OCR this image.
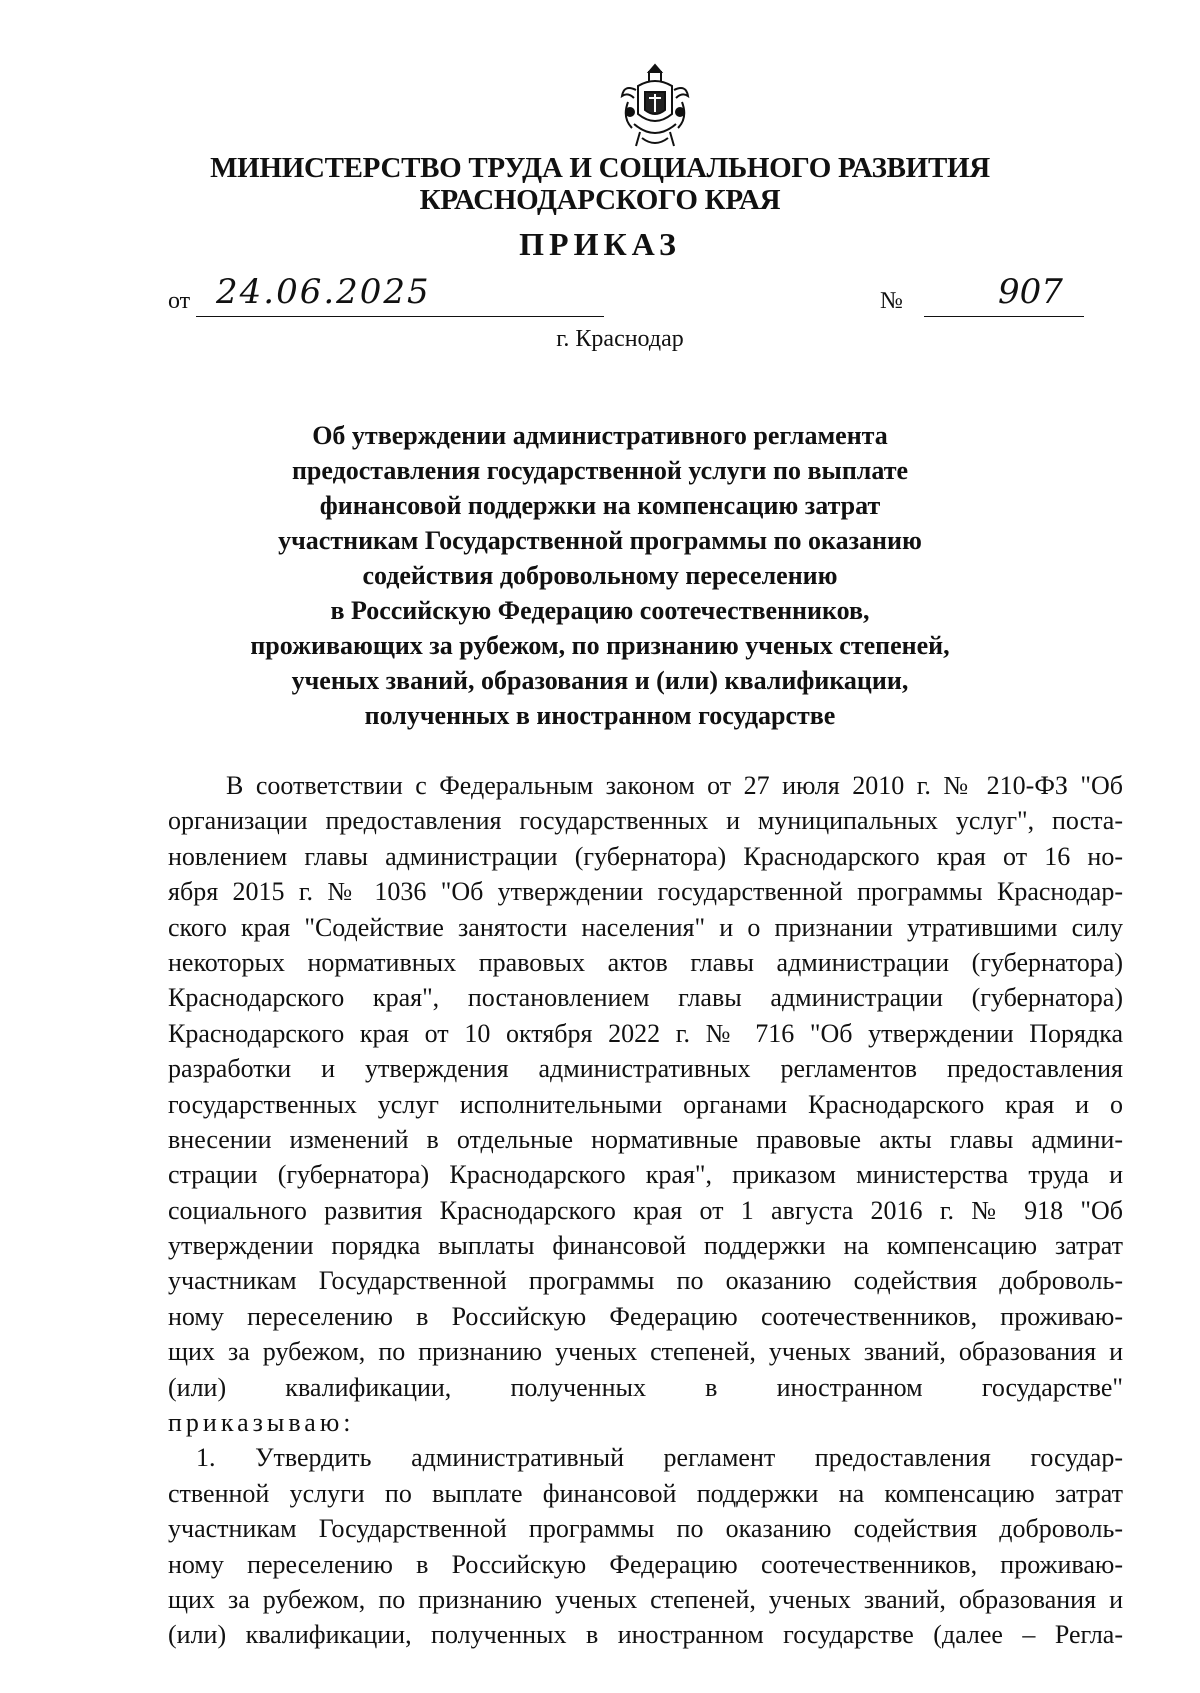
МИНИСТЕРСТВО ТРУДА И СОЦИАЛЬНОГО РАЗВИТИЯ
КРАСНОДАРСКОГО КРАЯ
ПРИКАЗ
от 24.06.2025	№	907
г. Краснодар
Об утверждении административного регламента
предоставления государственной услуги по выплате
финансовой поддержки на компенсацию затрат
участникам Государственной программы по оказанию
содействия добровольному переселению
в Российскую Федерацию соотечественников,
проживающих за рубежом, по признанию ученых степеней,
ученых званий, образования и (или) квалификации,
полученных в иностранном государстве
В соответствии с Федеральным законом от 27 июля 2010 г. № 210-ФЗ "Об
организации предоставления государственных и муниципальных услуг", поста-
новлением главы администрации (губернатора) Краснодарского края от 16 но-
ября 2015 г. № 1036 "Об утверждении государственной программы Краснодар-
ского края "Содействие занятости населения" и о признании утратившими силу
некоторых нормативных правовых актов главы администрации (губернатора)
Краснодарского края", постановлением главы администрации (губернатора)
Краснодарского края от 10 октября 2022 г. № 716 "Об утверждении Порядка
разработки и утверждения административных регламентов предоставления
государственных услуг исполнительными органами Краснодарского края и о
внесении изменений в отдельные нормативные правовые акты главы админи-
страции (губернатора) Краснодарского края", приказом министерства труда и
социального развития Краснодарского края от 1 августа 2016 г. № 918 "Об
утверждении порядка выплаты финансовой поддержки на компенсацию затрат
участникам Государственной программы по оказанию содействия доброволь-
ному переселению в Российскую Федерацию соотечественников, проживаю-
щих за рубежом, по признанию ученых степеней, ученых званий, образования и
(или) квалификации, полученных в иностранном государстве"
приказываю:
1. Утвердить административный регламент предоставления государ-
ственной услуги по выплате финансовой поддержки на компенсацию затрат
участникам Государственной программы по оказанию содействия доброволь-
ному переселению в Российскую Федерацию соотечественников, проживаю-
щих за рубежом, по признанию ученых степеней, ученых званий, образования и
(или) квалификации, полученных в иностранном государстве (далее – Регла-
